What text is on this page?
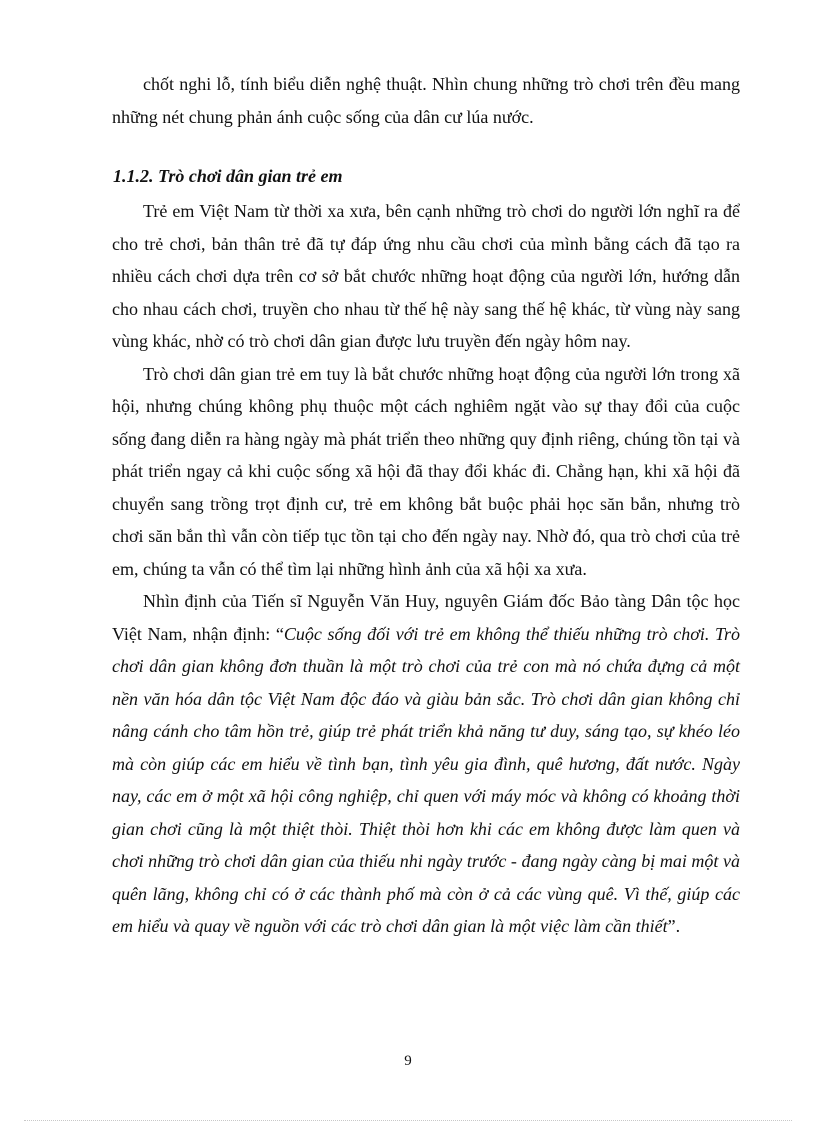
chốt nghi lỗ, tính biểu diễn nghệ thuật. Nhìn chung những trò chơi trên đều mang những nét chung phản ánh cuộc sống của dân cư lúa nước.

1.1.2. Trò chơi dân gian trẻ em

Trẻ em Việt Nam từ thời xa xưa, bên cạnh những trò chơi do người lớn nghĩ ra để cho trẻ chơi, bản thân trẻ đã tự đáp ứng nhu cầu chơi của mình bằng cách đã tạo ra nhiều cách chơi dựa trên cơ sở bắt chước những hoạt động của người lớn, hướng dẫn cho nhau cách chơi, truyền cho nhau từ thế hệ này sang thế hệ khác, từ vùng này sang vùng khác, nhờ có trò chơi dân gian được lưu truyền đến ngày hôm nay.

Trò chơi dân gian trẻ em tuy là bắt chước những hoạt động của người lớn trong xã hội, nhưng chúng không phụ thuộc một cách nghiêm ngặt vào sự thay đổi của cuộc sống đang diễn ra hàng ngày mà phát triển theo những quy định riêng, chúng tồn tại và phát triển ngay cả khi cuộc sống xã hội đã thay đổi khác đi. Chẳng hạn, khi xã hội đã chuyển sang trồng trọt định cư, trẻ em không bắt buộc phải học săn bắn, nhưng trò chơi săn bắn thì vẫn còn tiếp tục tồn tại cho đến ngày nay. Nhờ đó, qua trò chơi của trẻ em, chúng ta vẫn có thể tìm lại những hình ảnh của xã hội xa xưa.

Nhìn định của Tiến sĩ Nguyễn Văn Huy, nguyên Giám đốc Bảo tàng Dân tộc học Việt Nam, nhận định: “Cuộc sống đối với trẻ em không thể thiếu những trò chơi. Trò chơi dân gian không đơn thuần là một trò chơi của trẻ con mà nó chứa đựng cả một nền văn hóa dân tộc Việt Nam độc đáo và giàu bản sắc. Trò chơi dân gian không chỉ nâng cánh cho tâm hồn trẻ, giúp trẻ phát triển khả năng tư duy, sáng tạo, sự khéo léo mà còn giúp các em hiểu về tình bạn, tình yêu gia đình, quê hương, đất nước. Ngày nay, các em ở một xã hội công nghiệp, chỉ quen với máy móc và không có khoảng thời gian chơi cũng là một thiệt thòi. Thiệt thòi hơn khi các em không được làm quen và chơi những trò chơi dân gian của thiếu nhi ngày trước - đang ngày càng bị mai một và quên lãng, không chỉ có ở các thành phố mà còn ở cả các vùng quê. Vì thế, giúp các em hiểu và quay về nguồn với các trò chơi dân gian là một việc làm cần thiết”.

9
